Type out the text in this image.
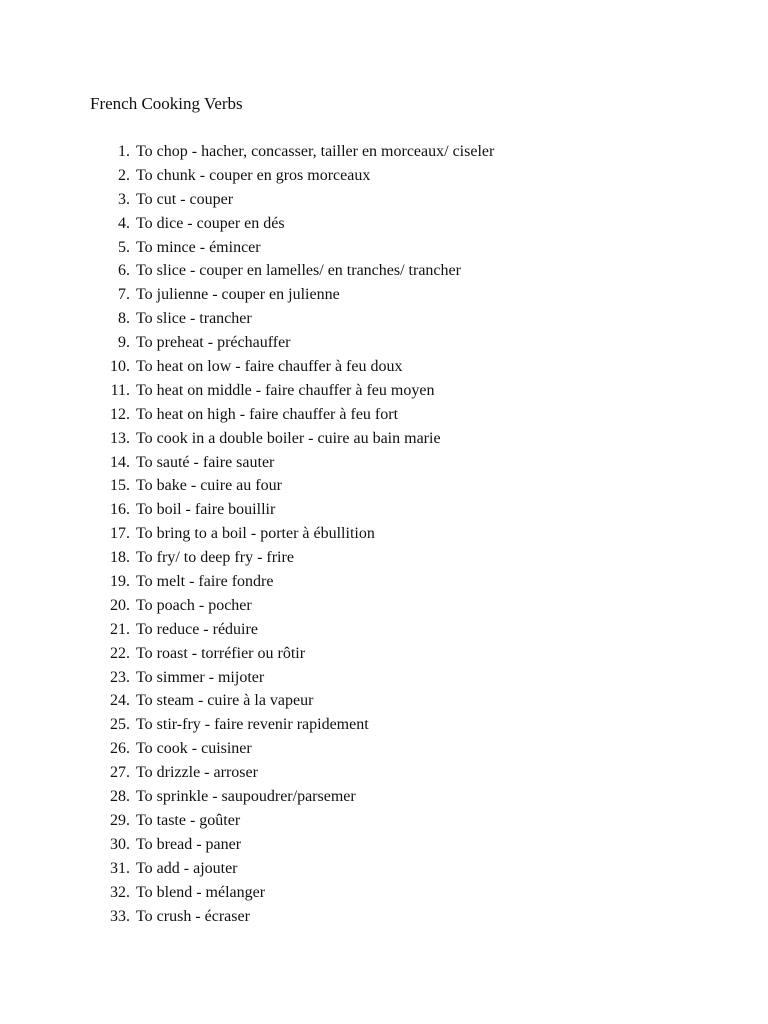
French Cooking Verbs
1. To chop - hacher, concasser, tailler en morceaux/ ciseler
2. To chunk - couper en gros morceaux
3. To cut - couper
4. To dice - couper en dés
5. To mince - émincer
6. To slice - couper en lamelles/ en tranches/ trancher
7. To julienne - couper en julienne
8. To slice - trancher
9. To preheat - préchauffer
10. To heat on low - faire chauffer à feu doux
11. To heat on middle - faire chauffer à feu moyen
12. To heat on high - faire chauffer à feu fort
13. To cook in a double boiler - cuire au bain marie
14. To sauté - faire sauter
15. To bake - cuire au four
16. To boil - faire bouillir
17. To bring to a boil - porter à ébullition
18. To fry/ to deep fry - frire
19. To melt - faire fondre
20. To poach - pocher
21. To reduce - réduire
22. To roast - torréfier ou rôtir
23. To simmer - mijoter
24. To steam - cuire à la vapeur
25. To stir-fry - faire revenir rapidement
26. To cook - cuisiner
27. To drizzle - arroser
28. To sprinkle - saupoudrer/parsemer
29. To taste - goûter
30. To bread - paner
31. To add - ajouter
32. To blend - mélanger
33. To crush - écraser
